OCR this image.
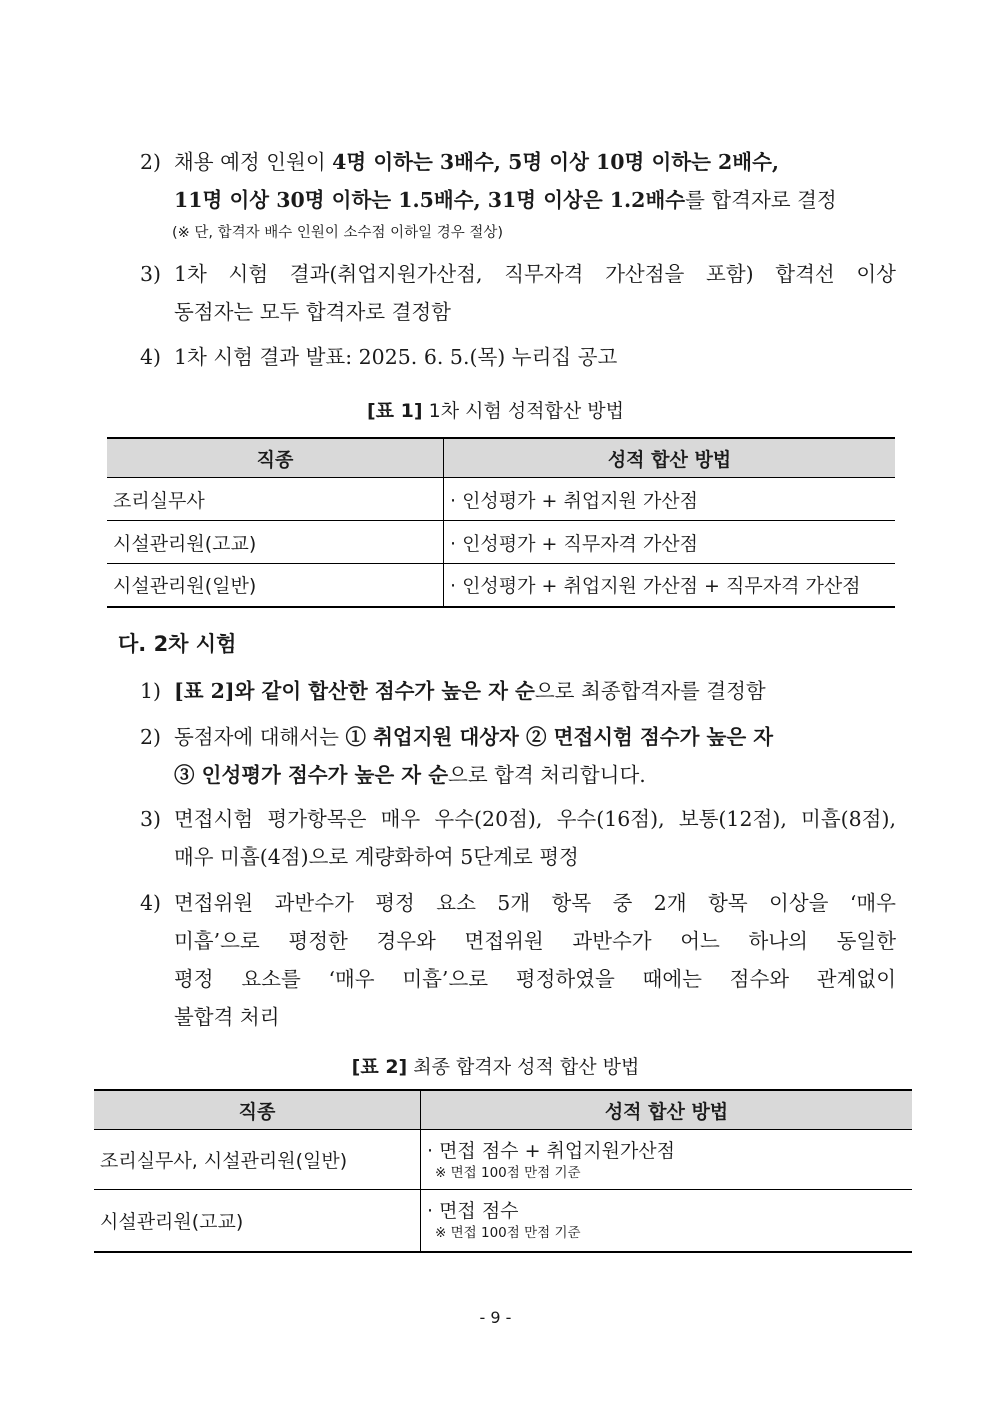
2) 채용 예정 인원이 4명 이하는 3배수, 5명 이상 10명 이하는 2배수,
11명 이상 30명 이하는 1.5배수, 31명 이상은 1.2배수를 합격자로 결정
(※ 단, 합격자 배수 인원이 소수점 이하일 경우 절상)
3) 1차 시험 결과(취업지원가산점, 직무자격 가산점을 포함) 합격선 이상
동점자는 모두 합격자로 결정함
4) 1차 시험 결과 발표: 2025. 6. 5.(목) 누리집 공고
[표 1] 1차 시험 성적합산 방법
직종	성적 합산 방법
조리실무사	· 인성평가 + 취업지원 가산점
시설관리원(고교)	· 인성평가 + 직무자격 가산점
시설관리원(일반)	· 인성평가 + 취업지원 가산점 + 직무자격 가산점
다. 2차 시험
1) [표 2]와 같이 합산한 점수가 높은 자 순으로 최종합격자를 결정함
2) 동점자에 대해서는 ① 취업지원 대상자 ② 면접시험 점수가 높은 자
③ 인성평가 점수가 높은 자 순으로 합격 처리합니다.
3) 면접시험 평가항목은 매우 우수(20점), 우수(16점), 보통(12점), 미흡(8점),
매우 미흡(4점)으로 계량화하여 5단계로 평정
4) 면접위원 과반수가 평정 요소 5개 항목 중 2개 항목 이상을 ‘매우
미흡’으로 평정한 경우와 면접위원 과반수가 어느 하나의 동일한
평정 요소를 ‘매우 미흡’으로 평정하였을 때에는 점수와 관계없이
불합격 처리
[표 2] 최종 합격자 성적 합산 방법
직종	성적 합산 방법
조리실무사, 시설관리원(일반)	· 면접 점수 + 취업지원가산점
※ 면접 100점 만점 기준

시설관리원(고교)	· 면접 점수
※ 면접 100점 만점 기준
- 9 -
